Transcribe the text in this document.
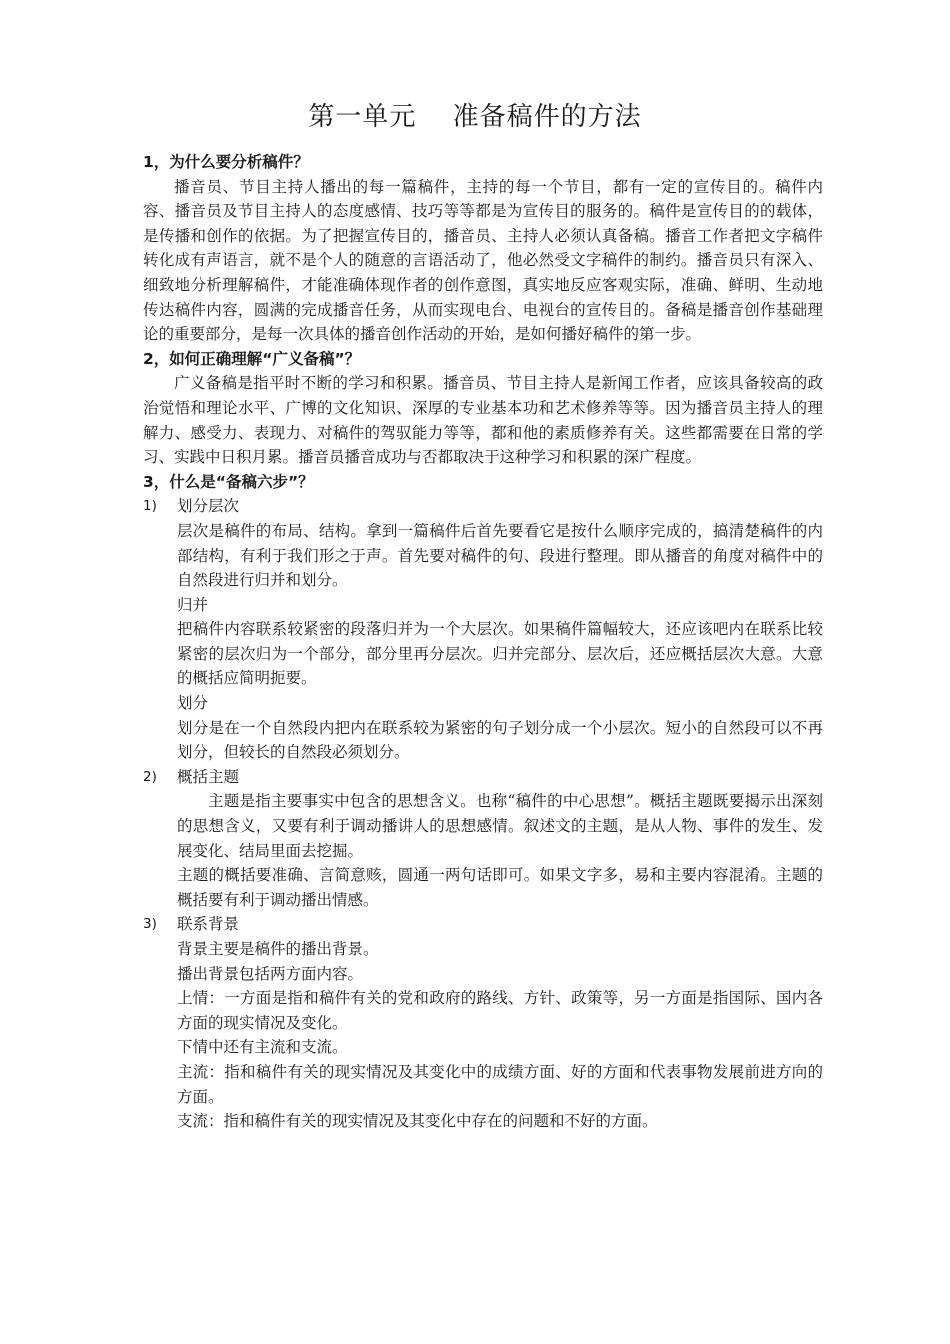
第一单元　 准备稿件的方法

1，为什么要分析稿件？

播音员、节目主持人播出的每一篇稿件，主持的每一个节目，都有一定的宣传目的。稿件内容、播音员及节目主持人的态度感情、技巧等等都是为宣传目的服务的。稿件是宣传目的的载体，是传播和创作的依据。为了把握宣传目的，播音员、主持人必须认真备稿。播音工作者把文字稿件转化成有声语言，就不是个人的随意的言语活动了，他必然受文字稿件的制约。播音员只有深入、细致地分析理解稿件，才能准确体现作者的创作意图，真实地反应客观实际，准确、鲜明、生动地传达稿件内容，圆满的完成播音任务，从而实现电台、电视台的宣传目的。备稿是播音创作基础理论的重要部分，是每一次具体的播音创作活动的开始，是如何播好稿件的第一步。

2，如何正确理解“广义备稿”？

广义备稿是指平时不断的学习和积累。播音员、节目主持人是新闻工作者，应该具备较高的政治觉悟和理论水平、广博的文化知识、深厚的专业基本功和艺术修养等等。因为播音员主持人的理解力、感受力、表现力、对稿件的驾驭能力等等，都和他的素质修养有关。这些都需要在日常的学习、实践中日积月累。播音员播音成功与否都取决于这种学习和积累的深广程度。

3，什么是“备稿六步”？

1) 划分层次

层次是稿件的布局、结构。拿到一篇稿件后首先要看它是按什么顺序完成的，搞清楚稿件的内部结构，有利于我们形之于声。首先要对稿件的句、段进行整理。即从播音的角度对稿件中的自然段进行归并和划分。

归并

把稿件内容联系较紧密的段落归并为一个大层次。如果稿件篇幅较大，还应该吧内在联系比较紧密的层次归为一个部分，部分里再分层次。归并完部分、层次后，还应概括层次大意。大意的概括应简明扼要。

划分

划分是在一个自然段内把内在联系较为紧密的句子划分成一个小层次。短小的自然段可以不再划分，但较长的自然段必须划分。

2) 概括主题

主题是指主要事实中包含的思想含义。也称“稿件的中心思想”。概括主题既要揭示出深刻的思想含义，又要有利于调动播讲人的思想感情。叙述文的主题，是从人物、事件的发生、发展变化、结局里面去挖掘。

主题的概括要准确、言简意赅，圆通一两句话即可。如果文字多，易和主要内容混淆。主题的概括要有利于调动播出情感。

3) 联系背景

背景主要是稿件的播出背景。

播出背景包括两方面内容。

上情：一方面是指和稿件有关的党和政府的路线、方针、政策等，另一方面是指国际、国内各方面的现实情况及变化。

下情中还有主流和支流。

主流：指和稿件有关的现实情况及其变化中的成绩方面、好的方面和代表事物发展前进方向的方面。

支流：指和稿件有关的现实情况及其变化中存在的问题和不好的方面。
